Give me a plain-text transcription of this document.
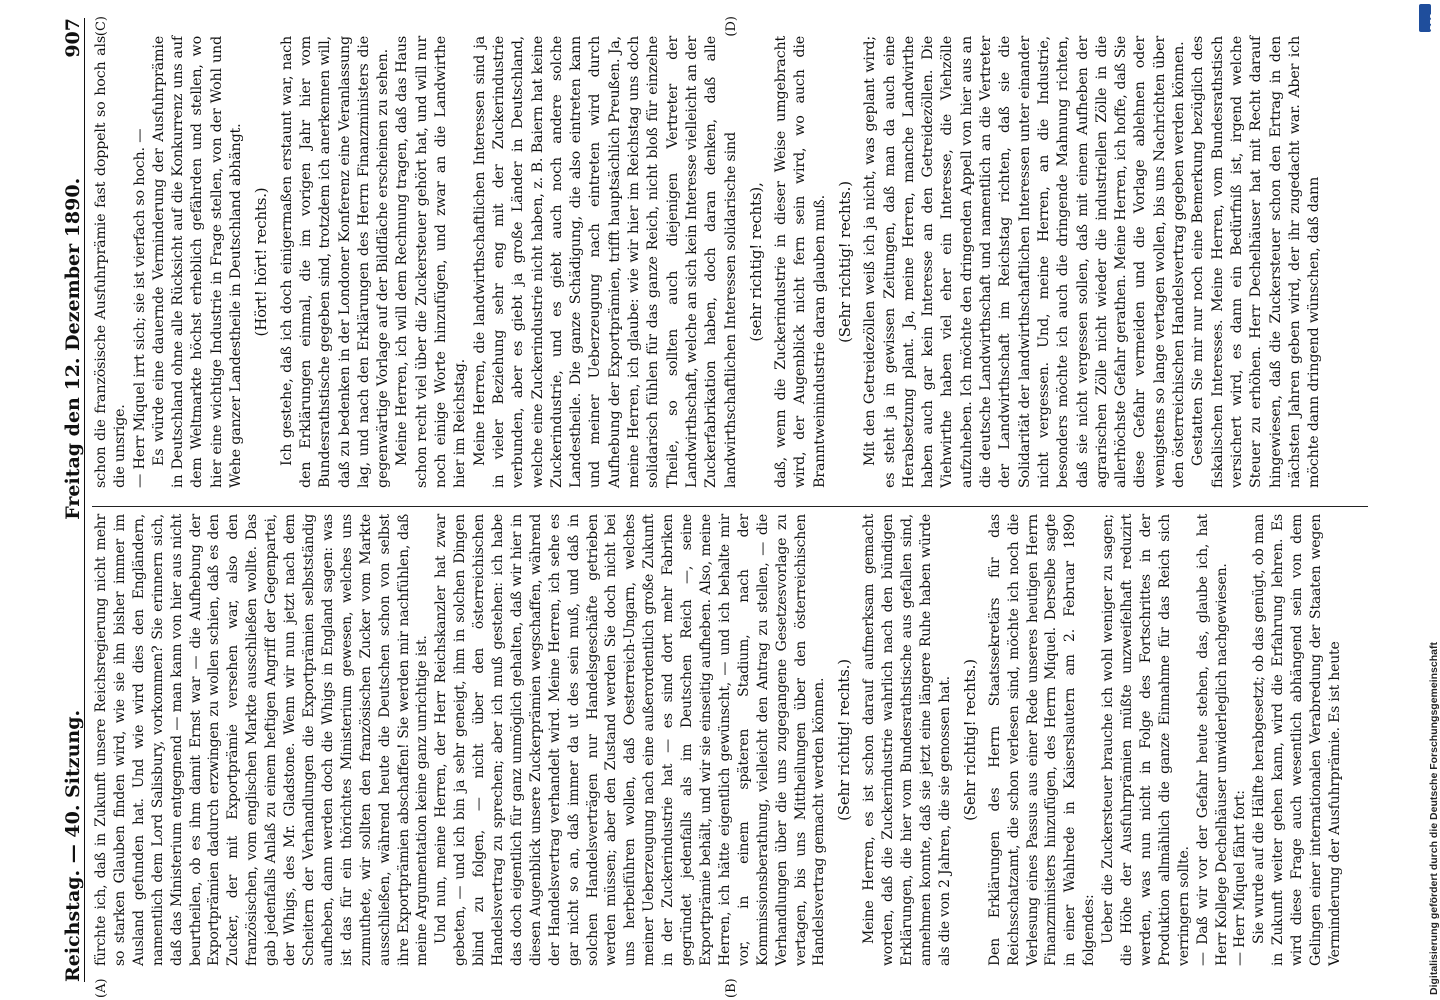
Reichstag. — 40. Sitzung.
Freitag den 12. Dezember 1890.
907
(A)	(B)
(C)	(D)

fürchte ich, daß in Zukunft unsere Reichsregierung nicht mehr so starken Glauben finden wird, wie sie ihn bisher immer im Ausland gefunden hat. Und wie wird dies den Engländern, namentlich dem Lord Salisbury, vorkommen? Sie erinnern sich, daß das Ministerium entgegnend — man kann von hier aus nicht beurtheilen, ob es ihm damit Ernst war — die Aufhebung der Exportprämien dadurch erzwingen zu wollen schien, daß es den Zucker, der mit Exportprämie versehen war, also den französischen, vom englischen Markte ausschließen wollte. Das gab jedenfalls Anlaß zu einem heftigen Angriff der Gegenpartei, der Whigs, des Mr. Gladstone. Wenn wir nun jetzt nach dem Scheitern der Verhandlungen die Exportprämien selbstständig aufheben, dann werden doch die Whigs in England sagen: was ist das für ein thörichtes Ministerium gewesen, welches uns zumuthete, wir sollten den französischen Zucker vom Markte ausschließen, während heute die Deutschen schon von selbst ihre Exportprämien abschaffen! Sie werden mir nachfühlen, daß meine Argumentation keine ganz unrichtige ist. Und nun, meine Herren, der Herr Reichskanzler hat zwar gebeten, — und ich bin ja sehr geneigt, ihm in solchen Dingen blind zu folgen, — nicht über den österreichischen Handelsvertrag zu sprechen; aber ich muß gestehen: ich habe das doch eigentlich für ganz unmöglich gehalten, daß wir hier in diesen Augenblick unsere Zuckerprämien wegschaffen, während der Handelsvertrag verhandelt wird. Meine Herren, ich sehe es gar nicht so an, daß immer da ut des sein muß, und daß in solchen Handelsverträgen nur Handelsgeschäfte getrieben werden müssen; aber den Zustand werden Sie doch nicht bei uns herbeiführen wollen, daß Oesterreich-Ungarn, welches meiner Ueberzeugung nach eine außerordentlich große Zukunft in der Zuckerindustrie hat — es sind dort mehr Fabriken gegründet jedenfalls als im Deutschen Reich —, seine Exportprämie behält, und wir sie einseitig aufheben. Also, meine Herren, ich hätte eigentlich gewünscht, — und ich behalte mir vor, in einem späteren Stadium, nach der Kommissionsberathung, vielleicht den Antrag zu stellen, — die Verhandlungen über die uns zugegangene Gesetzesvorlage zu vertagen, bis uns Mittheilungen über den österreichischen Handelsvertrag gemacht werden können. (Sehr richtig! rechts.) Meine Herren, es ist schon darauf aufmerksam gemacht worden, daß die Zuckerindustrie wahrlich nach den bündigen Erklärungen, die hier vom Bundesrathstische aus gefallen sind, annehmen konnte, daß sie jetzt eine längere Ruhe haben würde als die von 2 Jahren, die sie genossen hat. (Sehr richtig! rechts.) Den Erklärungen des Herrn Staatssekretärs für das Reichsschatzamt, die schon verlesen sind, möchte ich noch die Verlesung eines Passus aus einer Rede unseres heutigen Herrn Finanzministers hinzufügen, des Herrn Miquel. Derselbe sagte in einer Wahlrede in Kaiserslautern am 2. Februar 1890 folgendes: Ueber die Zuckersteuer brauche ich wohl weniger zu sagen; die Höhe der Ausfuhrprämien müßte unzweifelhaft reduzirt werden, was nun nicht in Folge des Fortschrittes in der Produktion allmählich die ganze Einnahme für das Reich sich verringern sollte. — Daß wir vor der Gefahr heute stehen, das, glaube ich, hat Herr Kollege Dechelhäuser unwiderleglich nachgewiesen. — Herr Miquel fährt fort: Sie wurde auf die Hälfte herabgesetzt; ob das genügt, ob man in Zukunft weiter gehen kann, wird die Erfahrung lehren. Es wird diese Frage auch wesentlich abhängend sein von dem Gelingen einer internationalen Verabredung der Staaten wegen Verminderung der Ausfuhrprämie. Es ist heute

schon die französische Ausfuhrprämie fast doppelt so hoch als die unsrige. — Herr Miquel irrt sich; sie ist vierfach so hoch. — Es würde eine dauernde Verminderung der Ausfuhrprämie in Deutschland ohne alle Rücksicht auf die Konkurrenz uns auf dem Weltmarkte höchst erheblich gefährden und stellen, wo hier eine wichtige Industrie in Frage stellen, von der Wohl und Wehe ganzer Landestheile in Deutschland abhängt. (Hört! hört! rechts.) Ich gestehe, daß ich doch einigermaßen erstaunt war, nach den Erklärungen einmal, die im vorigen Jahr hier vom Bundesrathstische gegeben sind, trotzdem ich anerkennen will, daß zu bedenken in der Londoner Konferenz eine Veranlassung lag, und nach den Erklärungen des Herrn Finanzministers die gegenwärtige Vorlage auf der Bildfläche erscheinen zu sehen. Meine Herren, ich will dem Rechnung tragen, daß das Haus schon recht viel über die Zuckersteuer gehört hat, und will nur noch einige Worte hinzufügen, und zwar an die Landwirthe hier im Reichstag. Meine Herren, die landwirthschaftlichen Interessen sind ja in vieler Beziehung sehr eng mit der Zuckerindustrie verbunden, aber es giebt ja große Länder in Deutschland, welche eine Zuckerindustrie nicht haben, z. B. Baiern hat keine Zuckerindustrie, und es giebt auch noch andere solche Landestheile. Die ganze Schädigung, die also eintreten kann und meiner Ueberzeugung nach eintreten wird durch Aufhebung der Exportprämien, trifft hauptsächlich Preußen. Ja, meine Herren, ich glaube: wie wir hier im Reichstag uns doch solidarisch fühlen für das ganze Reich, nicht bloß für einzelne Theile, so sollten auch diejenigen Vertreter der Landwirthschaft, welche an sich kein Interesse vielleicht an der Zuckerfabrikation haben, doch daran denken, daß alle landwirthschaftlichen Interessen solidarische sind (sehr richtig! rechts), daß, wenn die Zuckerindustrie in dieser Weise umgebracht wird, der Augenblick nicht fern sein wird, wo auch die Branntweinindustrie daran glauben muß. (Sehr richtig! rechts.) Mit den Getreidezöllen weiß ich ja nicht, was geplant wird; es steht ja in gewissen Zeitungen, daß man da auch eine Herabsetzung plant. Ja, meine Herren, manche Landwirthe haben auch gar kein Interesse an den Getreidezöllen. Die Viehwirthe haben viel eher ein Interesse, die Viehzölle aufzuheben. Ich möchte den dringenden Appell von hier aus an die deutsche Landwirthschaft und namentlich an die Vertreter der Landwirthschaft im Reichstag richten, daß sie die Solidarität der landwirthschaftlichen Interessen unter einander nicht vergessen. Und, meine Herren, an die Industrie, besonders möchte ich auch die dringende Mahnung richten, daß sie nicht vergessen sollen, daß mit einem Aufheben der agrarischen Zölle nicht wieder die industriellen Zölle in die allerhöchste Gefahr gerathen. Meine Herren, ich hoffe, daß Sie diese Gefahr vermeiden und die Vorlage ablehnen oder wenigstens so lange vertagen wollen, bis uns Nachrichten über den österreichischen Handelsvertrag gegeben werden können. Gestatten Sie mir nur noch eine Bemerkung bezüglich des fiskalischen Interesses. Meine Herren, vom Bundesrathstisch versichert wird, es dann ein Bedürfniß ist, irgend welche Steuer zu erhöhen. Herr Dechelhäuser hat mit Recht darauf hingewiesen, daß die Zuckersteuer schon den Ertrag in den nächsten Jahren geben wird, der ihr zugedacht war. Aber ich möchte dann dringend wünschen, daß dann

Digitalisierung gefördert durch die Deutsche Forschungsgemeinschaft
DFG
